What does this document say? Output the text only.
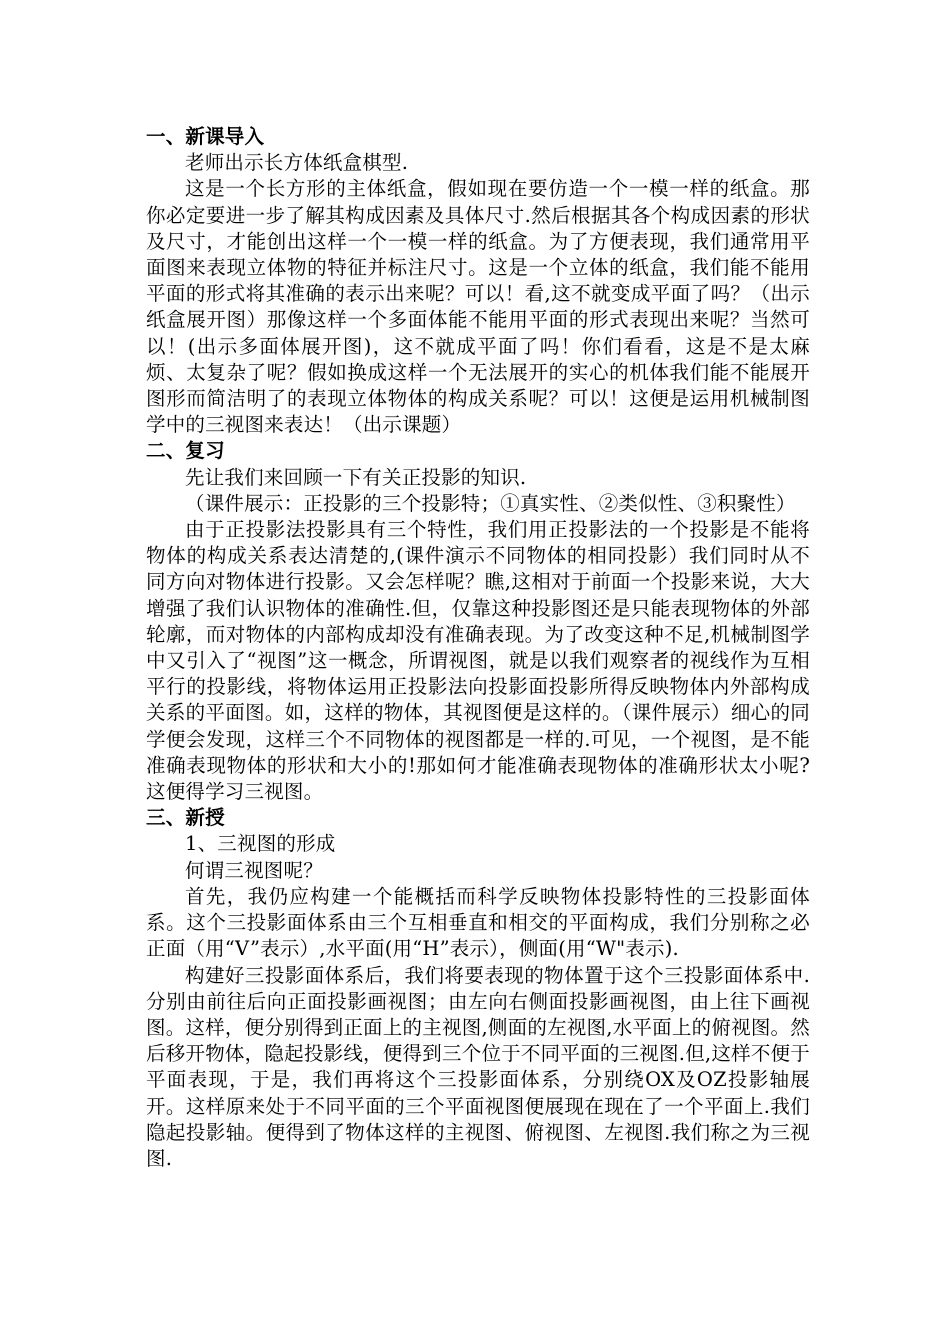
一、新课导入

老师出示长方体纸盒棋型.

这是一个长方形的主体纸盒，假如现在要仿造一个一模一样的纸盒。那你必定要进一步了解其构成因素及具体尺寸.然后根据其各个构成因素的形状及尺寸，才能创出这样一个一模一样的纸盒。为了方便表现，我们通常用平面图来表现立体物的特征并标注尺寸。这是一个立体的纸盒，我们能不能用平面的形式将其准确的表示出来呢？可以！看,这不就变成平面了吗？（出示纸盒展开图）那像这样一个多面体能不能用平面的形式表现出来呢？当然可以！(出示多面体展开图)，这不就成平面了吗！你们看看，这是不是太麻烦、太复杂了呢？假如换成这样一个无法展开的实心的机体我们能不能展开图形而简洁明了的表现立体物体的构成关系呢？可以！这便是运用机械制图学中的三视图来表达！（出示课题）

二、复习

先让我们来回顾一下有关正投影的知识.

（课件展示：正投影的三个投影特；①真实性、②类似性、③积聚性）

由于正投影法投影具有三个特性，我们用正投影法的一个投影是不能将物体的构成关系表达清楚的,(课件演示不同物体的相同投影）我们同时从不同方向对物体进行投影。又会怎样呢？瞧,这相对于前面一个投影来说，大大增强了我们认识物体的准确性.但，仅靠这种投影图还是只能表现物体的外部轮廓，而对物体的内部构成却没有准确表现。为了改变这种不足,机械制图学中又引入了“视图”这一概念，所谓视图，就是以我们观察者的视线作为互相平行的投影线，将物体运用正投影法向投影面投影所得反映物体内外部构成关系的平面图。如，这样的物体，其视图便是这样的。（课件展示）细心的同学便会发现，这样三个不同物体的视图都是一样的.可见，一个视图，是不能准确表现物体的形状和大小的!那如何才能准确表现物体的准确形状太小呢?这便得学习三视图。

三、新授

1、三视图的形成

何谓三视图呢？

首先，我仍应构建一个能概括而科学反映物体投影特性的三投影面体系。这个三投影面体系由三个互相垂直和相交的平面构成，我们分别称之必正面（用“V”表示）,水平面(用“H”表示），侧面(用“W"表示).

构建好三投影面体系后，我们将要表现的物体置于这个三投影面体系中.分别由前往后向正面投影画视图；由左向右侧面投影画视图，由上往下画视图。这样，便分别得到正面上的主视图,侧面的左视图,水平面上的俯视图。然后移开物体，隐起投影线，便得到三个位于不同平面的三视图.但,这样不便于平面表现，于是，我们再将这个三投影面体系，分别绕OX及OZ投影轴展开。这样原来处于不同平面的三个平面视图便展现在现在了一个平面上.我们隐起投影轴。便得到了物体这样的主视图、俯视图、左视图.我们称之为三视图.
